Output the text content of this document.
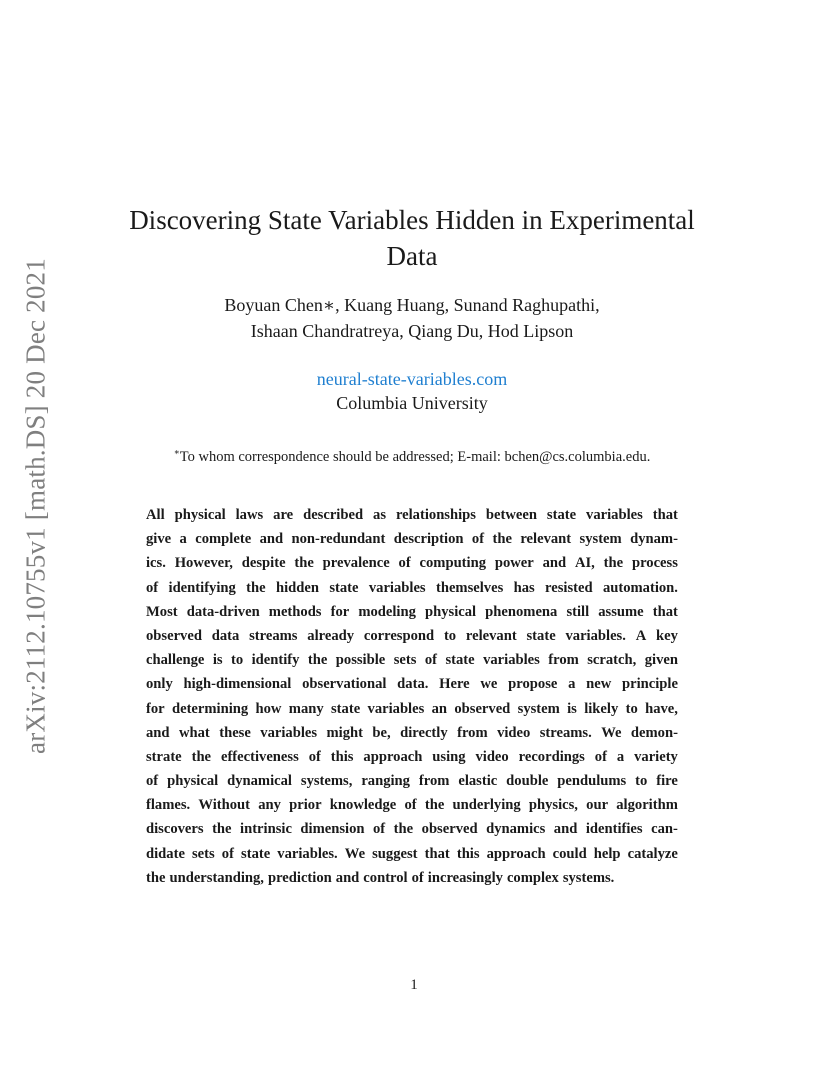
arXiv:2112.10755v1 [math.DS] 20 Dec 2021
Discovering State Variables Hidden in Experimental
Data
Boyuan Chen∗, Kuang Huang, Sunand Raghupathi,
Ishaan Chandratreya, Qiang Du, Hod Lipson
neural-state-variables.com
Columbia University
∗To whom correspondence should be addressed; E-mail: bchen@cs.columbia.edu.
All physical laws are described as relationships between state variables that
give a complete and non-redundant description of the relevant system dynam-
ics. However, despite the prevalence of computing power and AI, the process
of identifying the hidden state variables themselves has resisted automation.
Most data-driven methods for modeling physical phenomena still assume that
observed data streams already correspond to relevant state variables. A key
challenge is to identify the possible sets of state variables from scratch, given
only high-dimensional observational data. Here we propose a new principle
for determining how many state variables an observed system is likely to have,
and what these variables might be, directly from video streams. We demon-
strate the effectiveness of this approach using video recordings of a variety
of physical dynamical systems, ranging from elastic double pendulums to fire
flames. Without any prior knowledge of the underlying physics, our algorithm
discovers the intrinsic dimension of the observed dynamics and identifies can-
didate sets of state variables. We suggest that this approach could help catalyze
the understanding, prediction and control of increasingly complex systems.
1
